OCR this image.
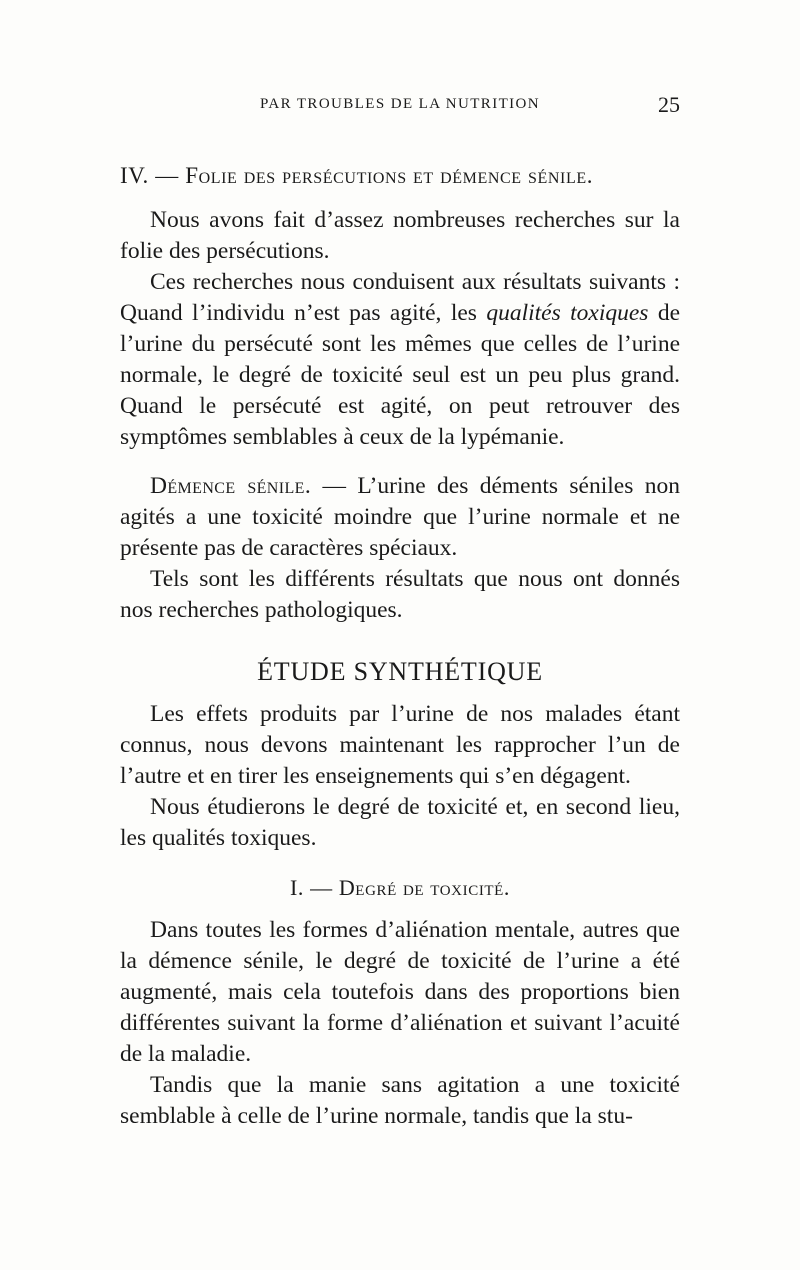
PAR TROUBLES DE LA NUTRITION	25
IV. — Folie des persécutions et démence sénile.

Nous avons fait d’assez nombreuses recherches sur la folie des persécutions.

Ces recherches nous conduisent aux résultats suivants : Quand l’individu n’est pas agité, les qualités toxiques de l’urine du persécuté sont les mêmes que celles de l’urine normale, le degré de toxicité seul est un peu plus grand. Quand le persécuté est agité, on peut retrouver des symptômes semblables à ceux de la lypémanie.

Démence sénile. — L’urine des déments séniles non agités a une toxicité moindre que l’urine normale et ne présente pas de caractères spéciaux.

Tels sont les différents résultats que nous ont donnés nos recherches pathologiques.

ÉTUDE SYNTHÉTIQUE

Les effets produits par l’urine de nos malades étant connus, nous devons maintenant les rapprocher l’un de l’autre et en tirer les enseignements qui s’en dégagent.

Nous étudierons le degré de toxicité et, en second lieu, les qualités toxiques.

I. — Degré de toxicité.

Dans toutes les formes d’aliénation mentale, autres que la démence sénile, le degré de toxicité de l’urine a été augmenté, mais cela toutefois dans des proportions bien différentes suivant la forme d’aliénation et suivant l’acuité de la maladie.

Tandis que la manie sans agitation a une toxicité semblable à celle de l’urine normale, tandis que la stu-
